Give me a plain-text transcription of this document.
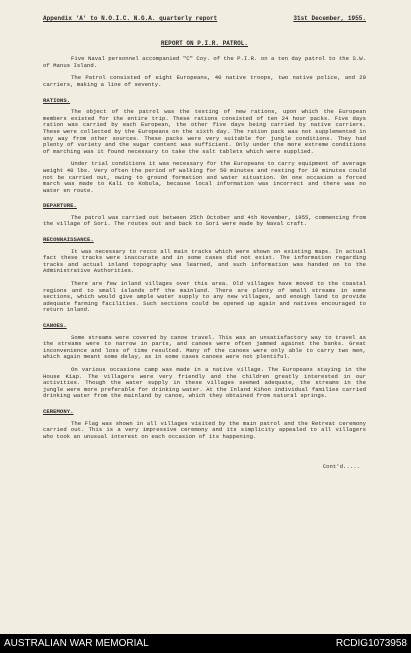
Appendix 'A' to N.O.I.C. N.G.A. quarterly report	31st December, 1955.
REPORT ON P.I.R. PATROL.

Five Naval personnel accompanied "C" Coy. of the P.I.R. on a ten day patrol to the S.W. of Manus Island.

The Patrol consisted of eight Europeans, 40 native troops, two native police, and 20 carriers, making a line of seventy.

RATIONS.

The object of the patrol was the testing of new rations, upon which the European members existed for the entire trip. These rations consisted of ten 24 hour packs. Five days ration was carried by each European, the other five days being carried by native carriers. These were collected by the Europeans on the sixth day. The ration pack was not supplemented in any way from other sources. These packs were very suitable for jungle conditions. They had plenty of variety and the sugar content was sufficient. Only under the more extreme conditions of marching was it found necessary to take the salt tablets which were supplied.

Under trial conditions it was necessary for the Europeans to carry equipment of average weight 40 lbs. Very often the period of walking for 50 minutes and resting for 10 minutes could not be carried out, owing to ground formation and water situation. On one occasion a forced march was made to Kali to Kobula, because local information was incorrect and there was no water en route.

DEPARTURE.

The patrol was carried out between 25th October and 4th November, 1955, commencing from the village of Sori. The routes out and back to Sori were made by Naval craft.

RECONNAISSANCE.

It was necessary to recco all main tracks which were shown on existing maps. In actual fact these tracks were inaccurate and in some cases did not exist. The information regarding tracks and actual inland topography was learned, and such information was handed on to the Administrative Authorities.

There are few inland villages over this area. Old villages have moved to the coastal regions and to small islands off the mainland. There are plenty of small streams in some sections, which would give ample water supply to any new villages, and enough land to provide adequate farming facilities. Such sections could be opened up again and natives encouraged to return inland.

CANOES.

Some streams were covered by canoe travel. This was an unsatisfactory way to travel as the streams were to narrow in parts, and canoes were often jammed against the banks. Great inconvenience and loss of time resulted. Many of the canoes were only able to carry two men, which again meant some delay, as in some cases canoes were not plentiful.

On various occasions camp was made in a native village. The Europeans staying in the House Kiap. The villagers were very friendly and the children greatly interested in our activities. Though the water supply in these villages seemed adequate, the streams in the jungle were more preferable for drinking water. At the Inland Kihon individual families carried drinking water from the mainland by canoe, which they obtained from natural springs.

CEREMONY.

The Flag was shown in all villages visited by the main patrol and the Retreat ceremony carried out. This is a very impressive ceremony and its simplicity appealed to all villagers who took an unusual interest on each occasion of its happening.

Cont'd.....
AUSTRALIAN WAR MEMORIAL	RCDIG1073958
